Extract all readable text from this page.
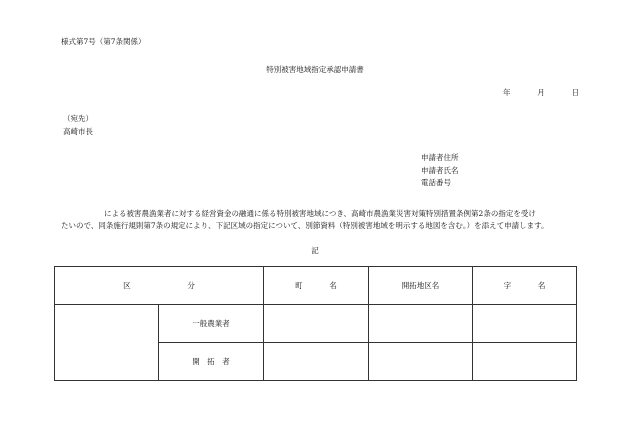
様式第7号（第7条関係）
特別被害地域指定承認申請書
年	月	日
（宛先）
高崎市長
申請者住所
申請者氏名
電話番号
による被害農漁業者に対する経営資金の融通に係る特別被害地域につき、高崎市農漁業災害対策特別措置条例第2条の指定を受け
たいので、同条施行規則第7条の規定により、下記区域の指定について、別節資料（特別被害地域を明示する地図を含む。）を添えて申請します。
記
区 分		町 名	開拓地区名	字 名
	一般農業者			
	開　拓　者			
